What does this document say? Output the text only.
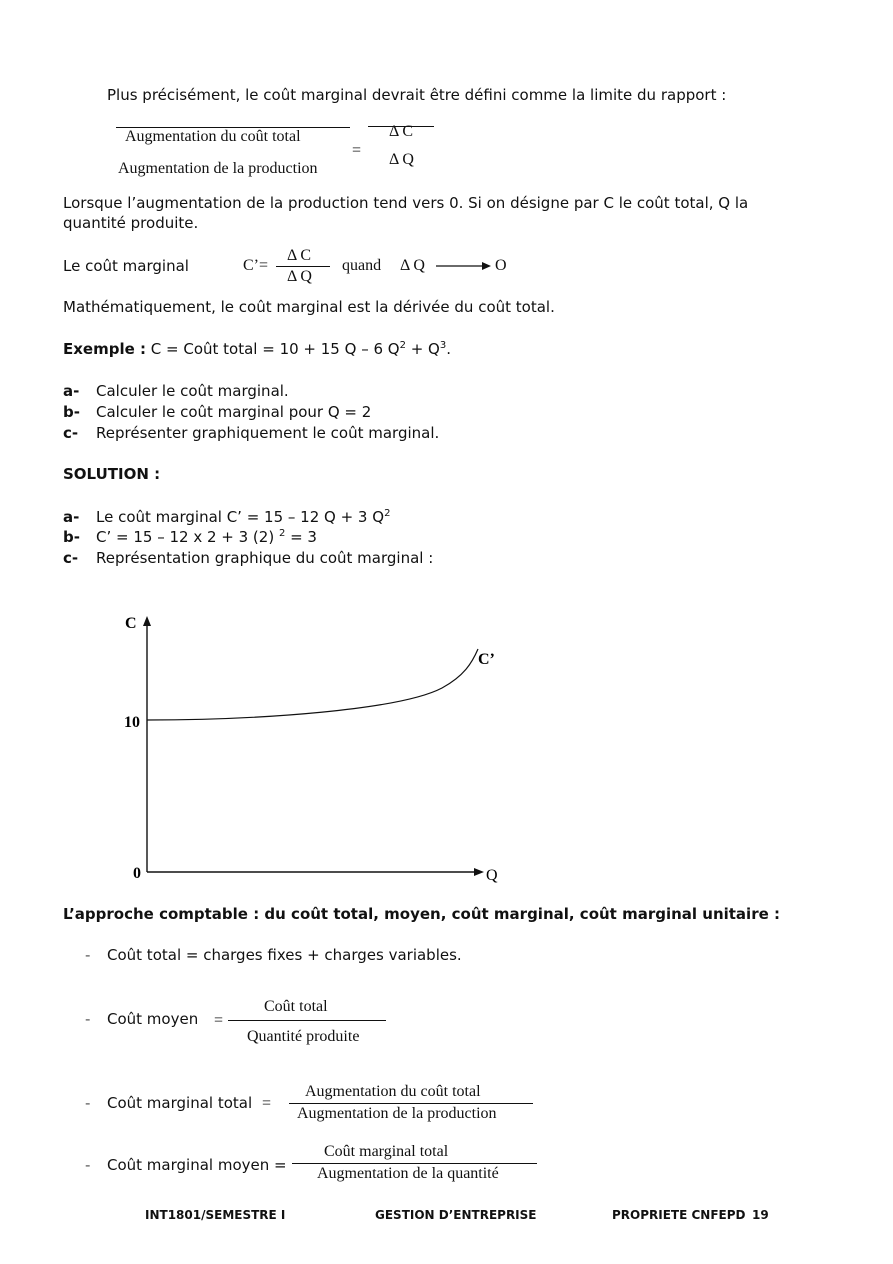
Plus précisément, le coût marginal devrait être défini comme la limite du rapport :
Augmentation du coût total
Augmentation de la production
=
Δ C
Δ Q
Lorsque l’augmentation de la production tend vers 0. Si on désigne par C le coût total, Q la
quantité produite.
Le coût marginal	C’=
Δ C
Δ Q
quand Δ Q	O
Mathématiquement, le coût marginal est la dérivée du coût total.
Exemple : C = Coût total = 10 + 15 Q – 6 $Q^2 + Q^3$.
a- Calculer le coût marginal.
b- Calculer le coût marginal pour Q = 2
c- Représenter graphiquement le coût marginal.
SOLUTION :
a- Le coût marginal C’ = 15 – 12 Q + 3 $Q^2$
b- C’ = 15 – 12 x 2 + 3 (2) $^2$ = 3
c- Représentation graphique du coût marginal :
C
Q
C’
10
0
L’approche comptable : du coût total, moyen, coût marginal, coût marginal unitaire :
- Coût total = charges fixes + charges variables.
- Coût moyen =
Coût total
Quantité produite
- Coût marginal total =
Augmentation du coût total
Augmentation de la production
- Coût marginal moyen =
Coût marginal total
Augmentation de la quantité
INT1801/SEMESTRE I	GESTION D’ENTREPRISE	PROPRIETE CNFEPD 19
